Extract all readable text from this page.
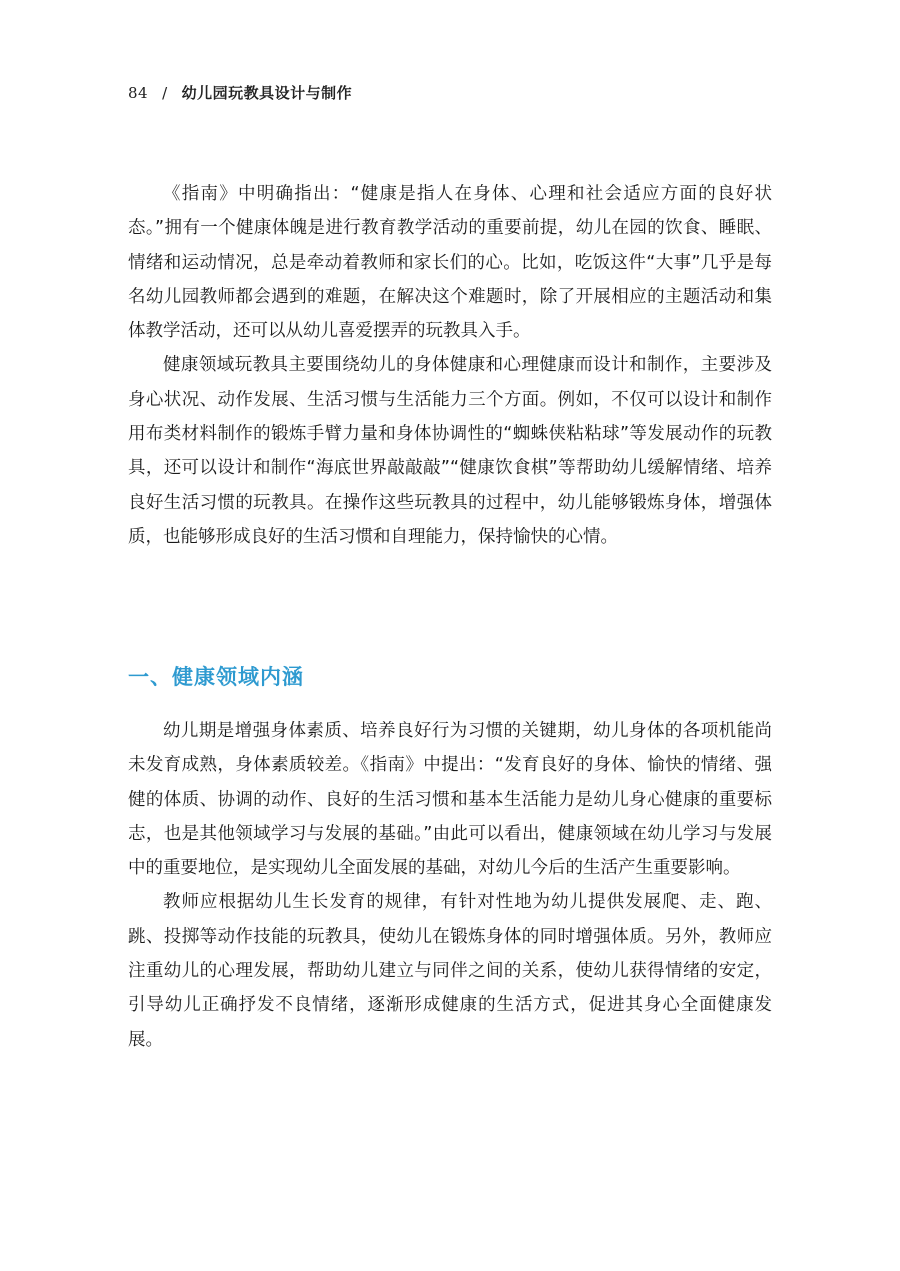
84 / 幼儿园玩教具设计与制作

《指南》中明确指出：“健康是指人在身体、心理和社会适应方面的良好状态。”拥有一个健康体魄是进行教育教学活动的重要前提，幼儿在园的饮食、睡眠、情绪和运动情况，总是牵动着教师和家长们的心。比如，吃饭这件“大事”几乎是每名幼儿园教师都会遇到的难题，在解决这个难题时，除了开展相应的主题活动和集体教学活动，还可以从幼儿喜爱摆弄的玩教具入手。

健康领域玩教具主要围绕幼儿的身体健康和心理健康而设计和制作，主要涉及身心状况、动作发展、生活习惯与生活能力三个方面。例如，不仅可以设计和制作用布类材料制作的锻炼手臂力量和身体协调性的“蜘蛛侠粘粘球”等发展动作的玩教具，还可以设计和制作“海底世界敲敲敲”“健康饮食棋”等帮助幼儿缓解情绪、培养良好生活习惯的玩教具。在操作这些玩教具的过程中，幼儿能够锻炼身体，增强体质，也能够形成良好的生活习惯和自理能力，保持愉快的心情。

一、健康领域内涵

幼儿期是增强身体素质、培养良好行为习惯的关键期，幼儿身体的各项机能尚未发育成熟，身体素质较差。《指南》中提出：“发育良好的身体、愉快的情绪、强健的体质、协调的动作、良好的生活习惯和基本生活能力是幼儿身心健康的重要标志，也是其他领域学习与发展的基础。”由此可以看出，健康领域在幼儿学习与发展中的重要地位，是实现幼儿全面发展的基础，对幼儿今后的生活产生重要影响。

教师应根据幼儿生长发育的规律，有针对性地为幼儿提供发展爬、走、跑、跳、投掷等动作技能的玩教具，使幼儿在锻炼身体的同时增强体质。另外，教师应注重幼儿的心理发展，帮助幼儿建立与同伴之间的关系，使幼儿获得情绪的安定，引导幼儿正确抒发不良情绪，逐渐形成健康的生活方式，促进其身心全面健康发展。
